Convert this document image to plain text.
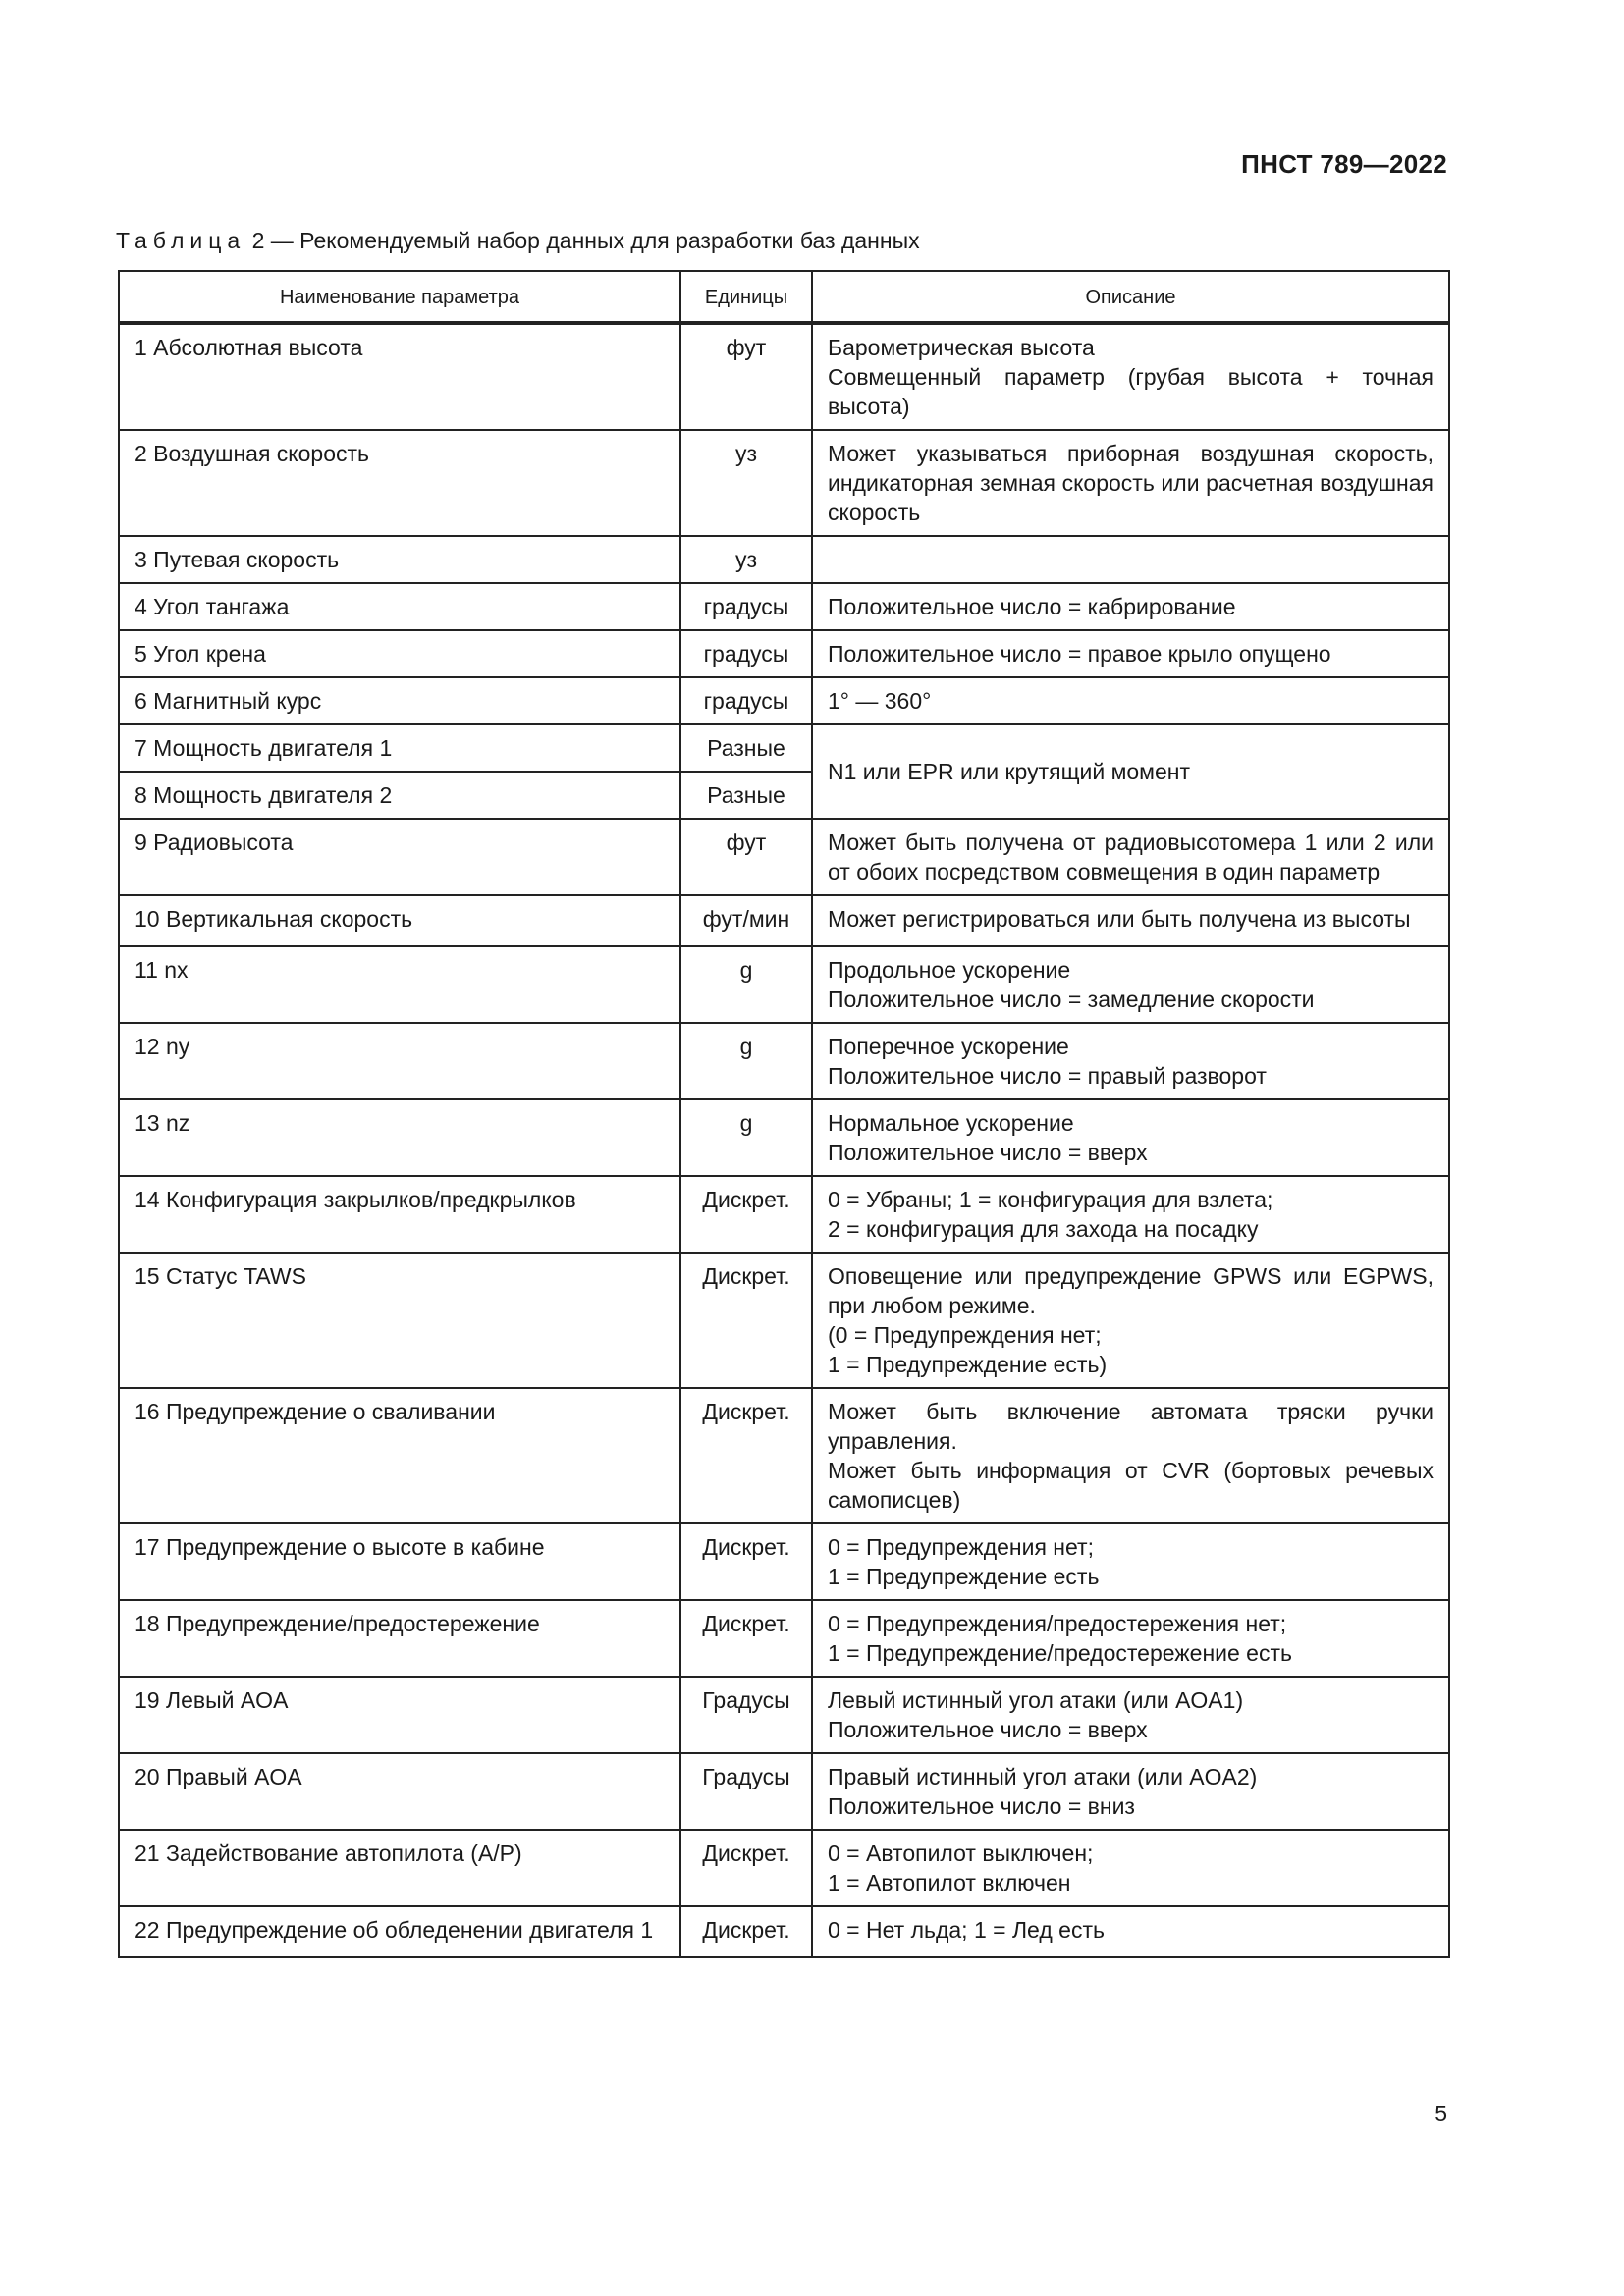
ПНСТ 789—2022
Таблица 2 — Рекомендуемый набор данных для разработки баз данных
Наименование параметра	Единицы	Описание
1 Абсолютная высота	фут	Барометрическая высота
Совмещенный параметр (грубая высота + точная высота)

2 Воздушная скорость	уз	Может указываться приборная воздушная скорость, индикаторная земная скорость или расчетная воздушная скорость

3 Путевая скорость	уз	
4 Угол тангажа	градусы	Положительное число = кабрирование

5 Угол крена	градусы	Положительное число = правое крыло опущено

6 Магнитный курс	градусы	1° — 360°

7 Мощность двигателя 1	Разные	N1 или EPR или крутящий момент

8 Мощность двигателя 2	Разные	
9 Радиовысота	фут	Может быть получена от радиовысотомера 1 или 2 или от обоих посредством совмещения в один параметр

10 Вертикальная скорость	фут/мин	Может регистрироваться или быть получена из высоты

11 nx	g	Продольное ускорение
Положительное число = замедление скорости

12 ny	g	Поперечное ускорение
Положительное число = правый разворот

13 nz	g	Нормальное ускорение
Положительное число = вверх

14 Конфигурация закрылков/предкрылков	Дискрет.	0 = Убраны; 1 = конфигурация для взлета;
2 = конфигурация для захода на посадку

15 Статус TAWS	Дискрет.	Оповещение или предупреждение GPWS или EGPWS, при любом режиме.
(0 = Предупреждения нет;
1 = Предупреждение есть)

16 Предупреждение о сваливании	Дискрет.	Может быть включение автомата тряски ручки управления.
Может быть информация от CVR (бортовых речевых самописцев)

17 Предупреждение о высоте в кабине	Дискрет.	0 = Предупреждения нет;
1 = Предупреждение есть

18 Предупреждение/предостережение	Дискрет.	0 = Предупреждения/предостережения нет;
1 = Предупреждение/предостережение есть

19 Левый AOA	Градусы	Левый истинный угол атаки (или AOA1)
Положительное число = вверх

20 Правый AOA	Градусы	Правый истинный угол атаки (или AOA2)
Положительное число = вниз

21 Задействование автопилота (A/P)	Дискрет.	0 = Автопилот выключен;
1 = Автопилот включен

22 Предупреждение об обледенении двигателя 1	Дискрет.	0 = Нет льда; 1 = Лед есть
5
